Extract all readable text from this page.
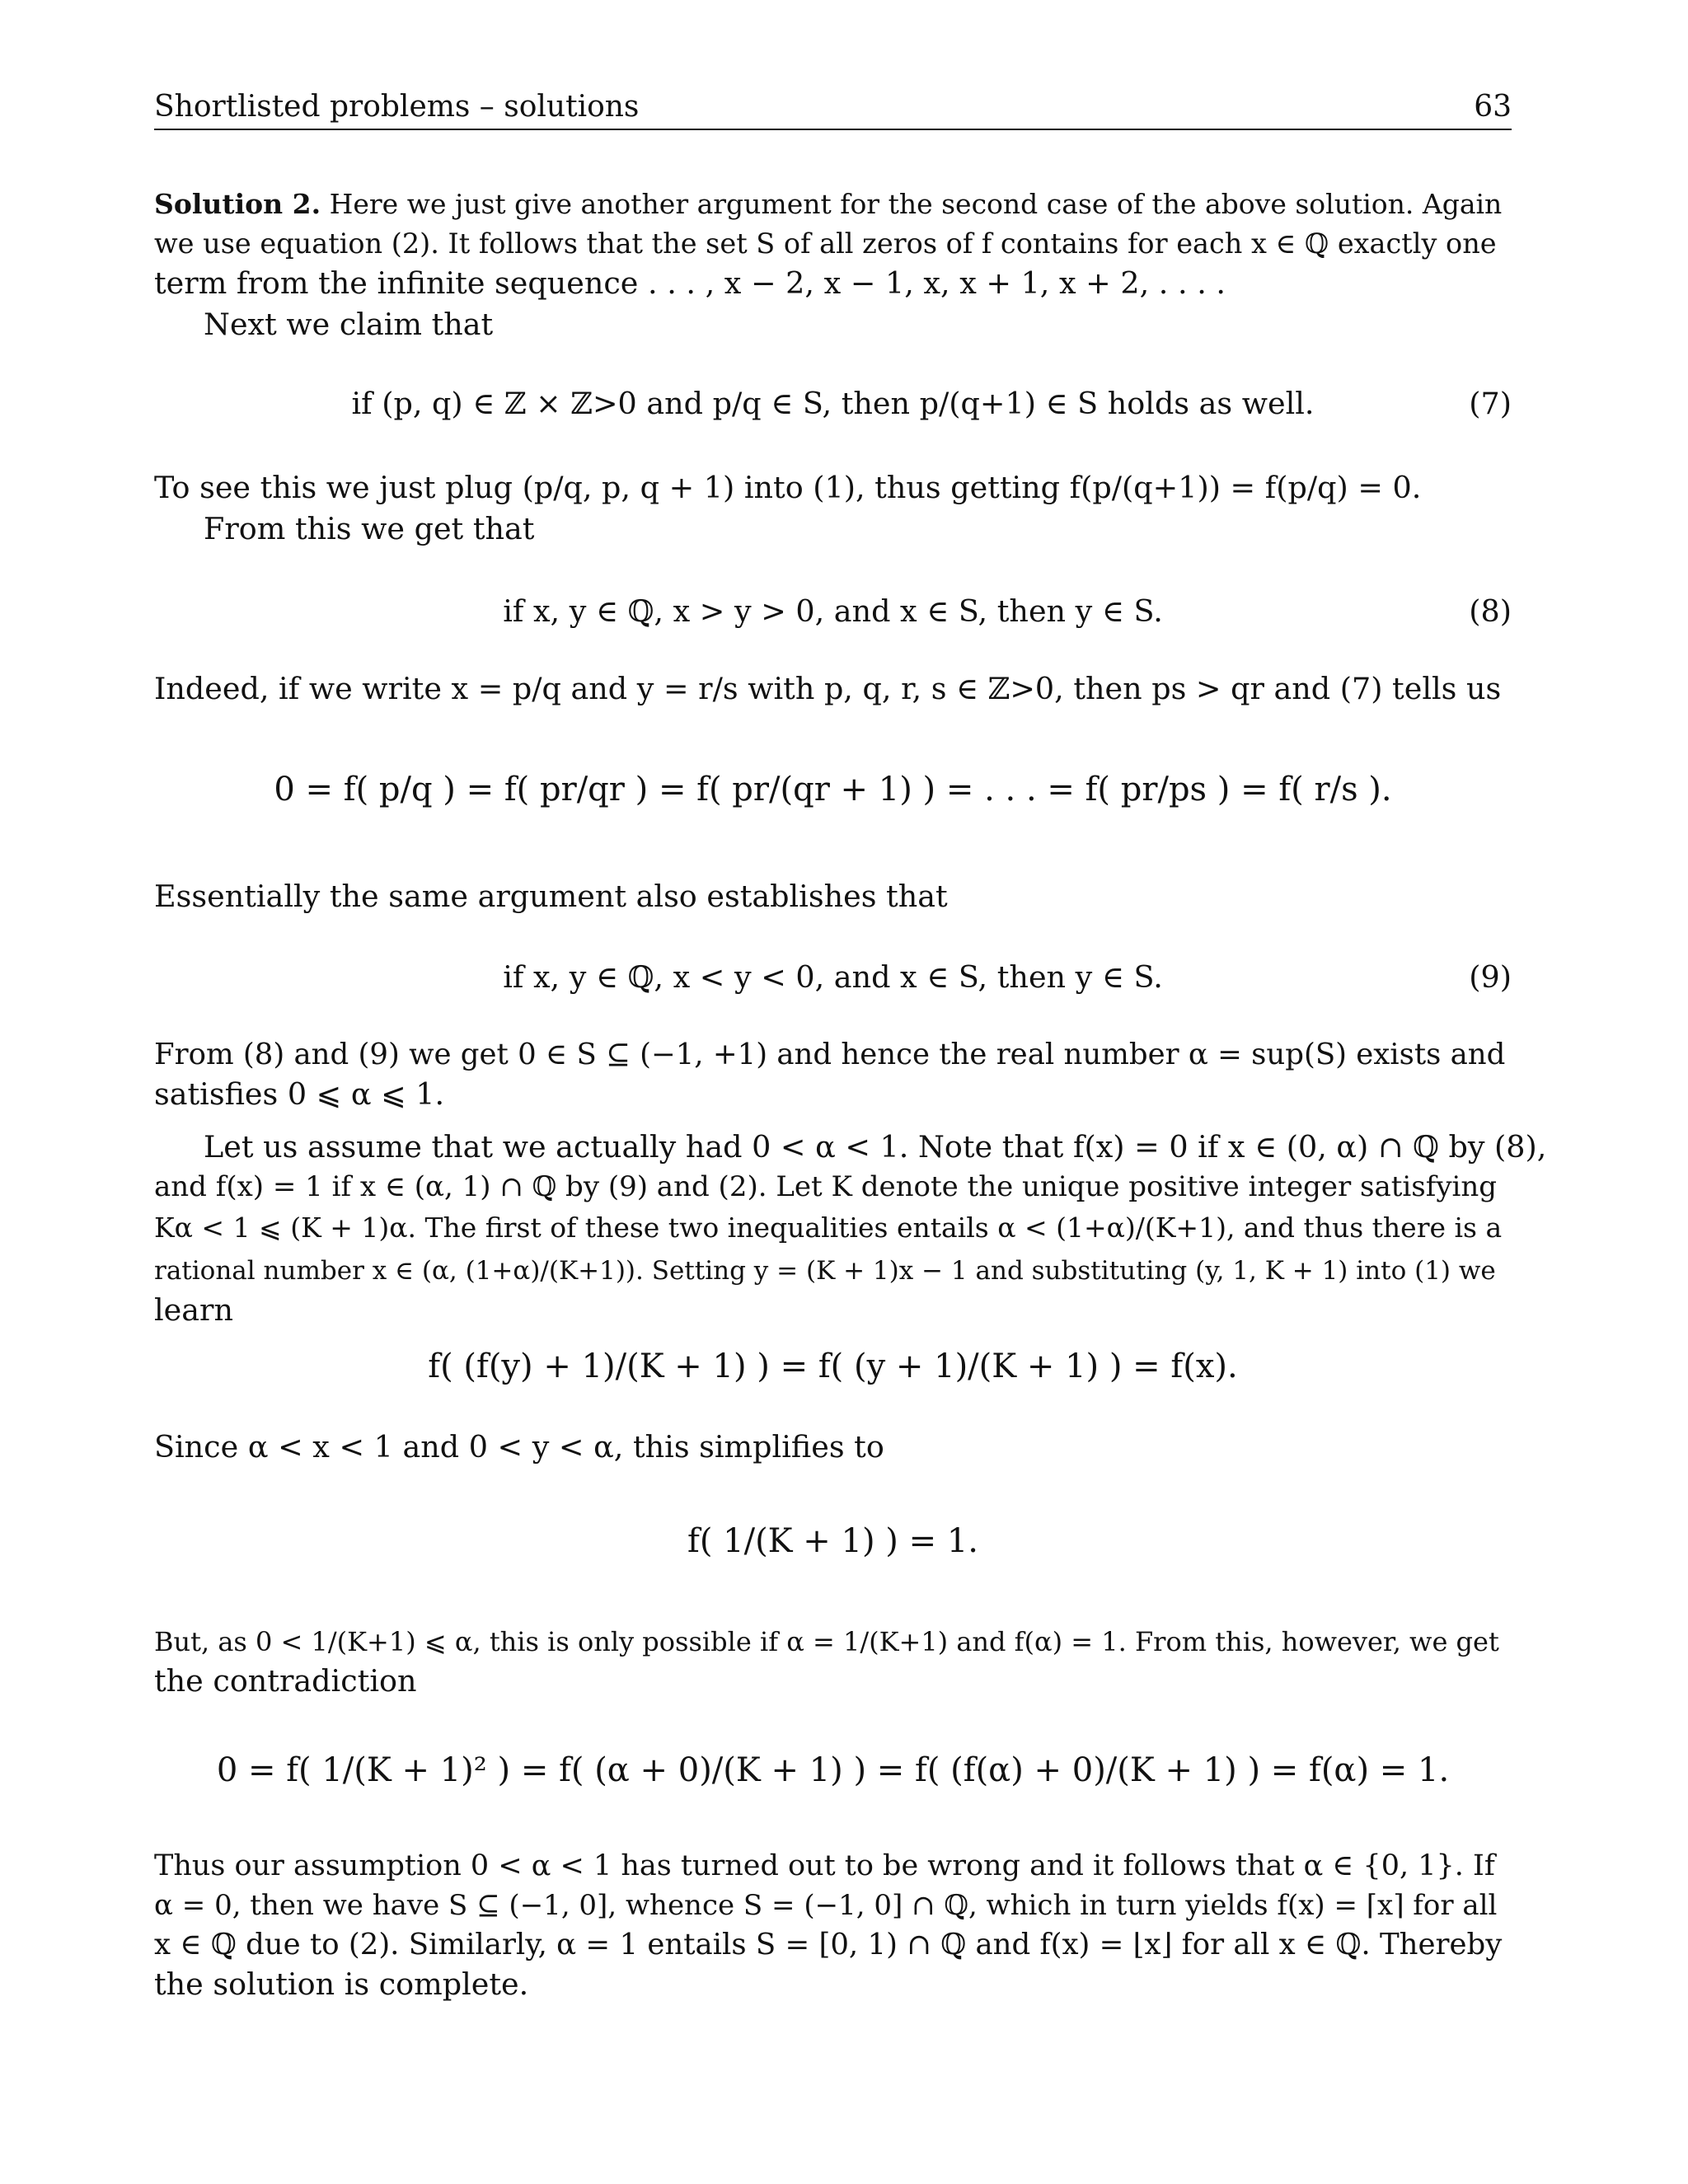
Shortlisted problems – solutions	63
Solution 2. Here we just give another argument for the second case of the above solution. Again
we use equation (2). It follows that the set S of all zeros of f contains for each x ∈ ℚ exactly one
term from the infinite sequence . . . , x − 2, x − 1, x, x + 1, x + 2, . . . .
Next we claim that
if (p, q) ∈ ℤ × ℤ>0 and p/q ∈ S, then p/(q+1) ∈ S holds as well.	(7)
To see this we just plug (p/q, p, q + 1) into (1), thus getting f(p/(q+1)) = f(p/q) = 0.
From this we get that
if x, y ∈ ℚ, x > y > 0, and x ∈ S, then y ∈ S.	(8)
Indeed, if we write x = p/q and y = r/s with p, q, r, s ∈ ℤ>0, then ps > qr and (7) tells us
0 = f( p/q ) = f( pr/qr ) = f( pr/(qr + 1) ) = . . . = f( pr/ps ) = f( r/s ).
Essentially the same argument also establishes that
if x, y ∈ ℚ, x < y < 0, and x ∈ S, then y ∈ S.	(9)
From (8) and (9) we get 0 ∈ S ⊆ (−1, +1) and hence the real number α = sup(S) exists and
satisfies 0 ⩽ α ⩽ 1.
Let us assume that we actually had 0 < α < 1. Note that f(x) = 0 if x ∈ (0, α) ∩ ℚ by (8),
and f(x) = 1 if x ∈ (α, 1) ∩ ℚ by (9) and (2). Let K denote the unique positive integer satisfying
Kα < 1 ⩽ (K + 1)α. The first of these two inequalities entails α < (1+α)/(K+1), and thus there is a
rational number x ∈ (α, (1+α)/(K+1)). Setting y = (K + 1)x − 1 and substituting (y, 1, K + 1) into (1) we
learn
f( (f(y) + 1)/(K + 1) ) = f( (y + 1)/(K + 1) ) = f(x).
Since α < x < 1 and 0 < y < α, this simplifies to
f( 1/(K + 1) ) = 1.
But, as 0 < 1/(K+1) ⩽ α, this is only possible if α = 1/(K+1) and f(α) = 1. From this, however, we get
the contradiction
0 = f( 1/(K + 1)² ) = f( (α + 0)/(K + 1) ) = f( (f(α) + 0)/(K + 1) ) = f(α) = 1.
Thus our assumption 0 < α < 1 has turned out to be wrong and it follows that α ∈ {0, 1}. If
α = 0, then we have S ⊆ (−1, 0], whence S = (−1, 0] ∩ ℚ, which in turn yields f(x) = ⌈x⌉ for all
x ∈ ℚ due to (2). Similarly, α = 1 entails S = [0, 1) ∩ ℚ and f(x) = ⌊x⌋ for all x ∈ ℚ. Thereby
the solution is complete.
